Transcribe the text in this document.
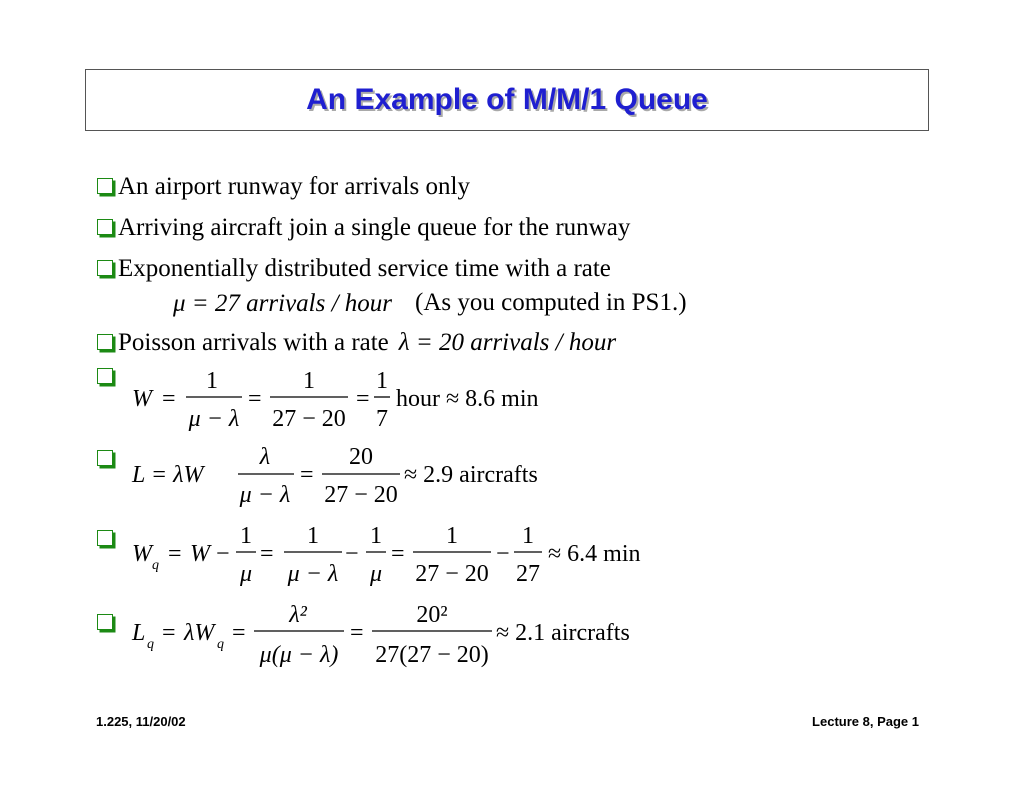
An Example of M/M/1 Queue
An airport runway for arrivals only
Arriving aircraft join a single queue for the runway
Exponentially distributed service time with a rate
μ = 27 arrivals / hour (As you computed in PS1.)
Poisson arrivals with a rate λ = 20 arrivals / hour
W =
1
μ − λ
=
1
27 − 20
=
1
7
hour ≈ 8.6 min
L = λW
λ
μ − λ
=
20
27 − 20
≈ 2.9 aircrafts
W q = W −
1
μ
=
1
μ − λ
−
1
μ
=
1
27 − 20
−
1
27
≈ 6.4 min
L q = λW q =
λ²
μ(μ − λ)
=
20²
27(27 − 20)
≈ 2.1 aircrafts
1.225, 11/20/02	Lecture 8, Page 1
